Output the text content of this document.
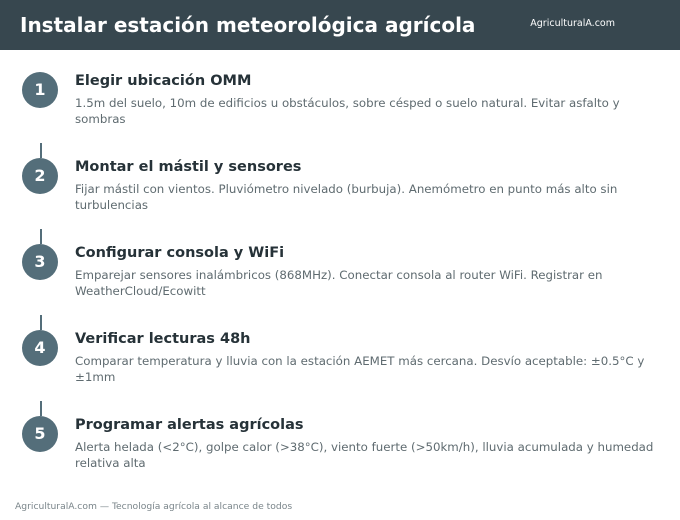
Instalar estación meteorológica agrícola	AgriculturalA.com
1	Elegir ubicación OMM
1.5m del suelo, 10m de edificios u obstáculos, sobre césped o suelo natural. Evitar asfalto y sombras
2	Montar el mástil y sensores
Fijar mástil con vientos. Pluviómetro nivelado (burbuja). Anemómetro en punto más alto sin turbulencias
3	Configurar consola y WiFi
Emparejar sensores inalámbricos (868MHz). Conectar consola al router WiFi. Registrar en WeatherCloud/Ecowitt
4	Verificar lecturas 48h
Comparar temperatura y lluvia con la estación AEMET más cercana. Desvío aceptable: ±0.5°C y ±1mm
5	Programar alertas agrícolas
Alerta helada (<2°C), golpe calor (>38°C), viento fuerte (>50km/h), lluvia acumulada y humedad relativa alta
AgriculturalA.com — Tecnología agrícola al alcance de todos
